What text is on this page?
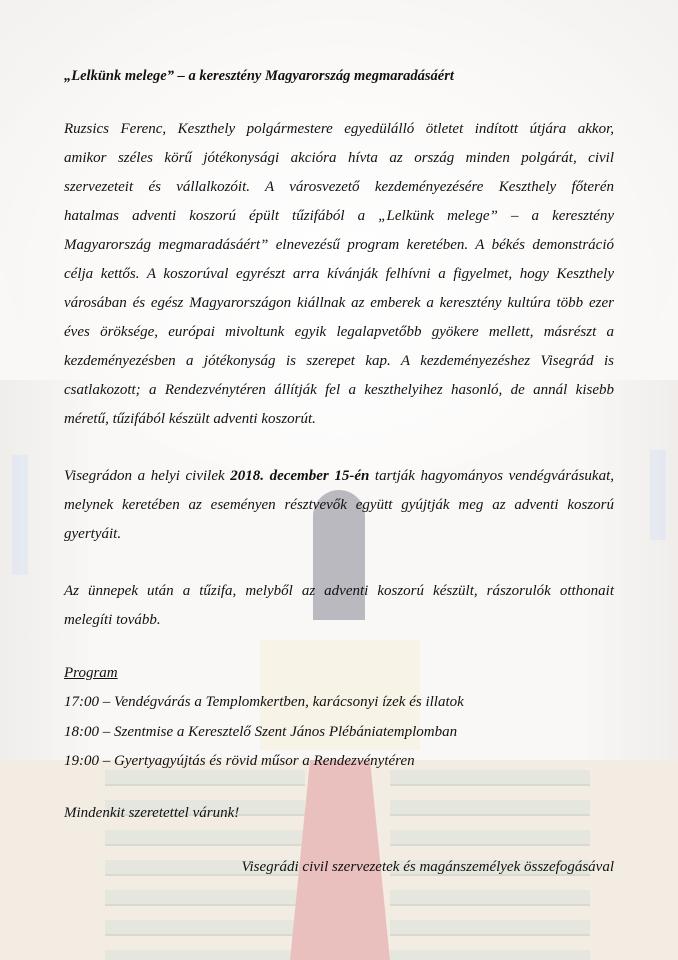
„Lelkünk melege” – a keresztény Magyarország megmaradásáért
Ruzsics Ferenc, Keszthely polgármestere egyedülálló ötletet indított útjára akkor,
amikor széles körű jótékonysági akcióra hívta az ország minden polgárát, civil
szervezeteit és vállalkozóit. A városvezető kezdeményezésére Keszthely főterén
hatalmas adventi koszorú épült tűzifából a „Lelkünk melege” – a keresztény
Magyarország megmaradásáért” elnevezésű program keretében. A békés demonstráció
célja kettős. A koszorúval egyrészt arra kívánják felhívni a figyelmet, hogy Keszthely
városában és egész Magyarországon kiállnak az emberek a keresztény kultúra több ezer
éves öröksége, európai mivoltunk egyik legalapvetőbb gyökere mellett, másrészt a
kezdeményezésben a jótékonyság is szerepet kap. A kezdeményezéshez Visegrád is
csatlakozott; a Rendezvénytéren állítják fel a keszthelyihez hasonló, de annál kisebb
méretű, tűzifából készült adventi koszorút.
Visegrádon a helyi civilek 2018. december 15-én tartják hagyományos vendégvárásukat,
melynek keretében az eseményen résztvevők együtt gyújtják meg az adventi koszorú
gyertyáit.
Az ünnepek után a tűzifa, melyből az adventi koszorú készült, rászorulók otthonait
melegíti tovább.
Program
17:00 – Vendégvárás a Templomkertben, karácsonyi ízek és illatok
18:00 – Szentmise a Keresztelő Szent János Plébániatemplomban
19:00 – Gyertyagyújtás és rövid műsor a Rendezvénytéren
Mindenkit szeretettel várunk!
Visegrádi civil szervezetek és magánszemélyek összefogásával
